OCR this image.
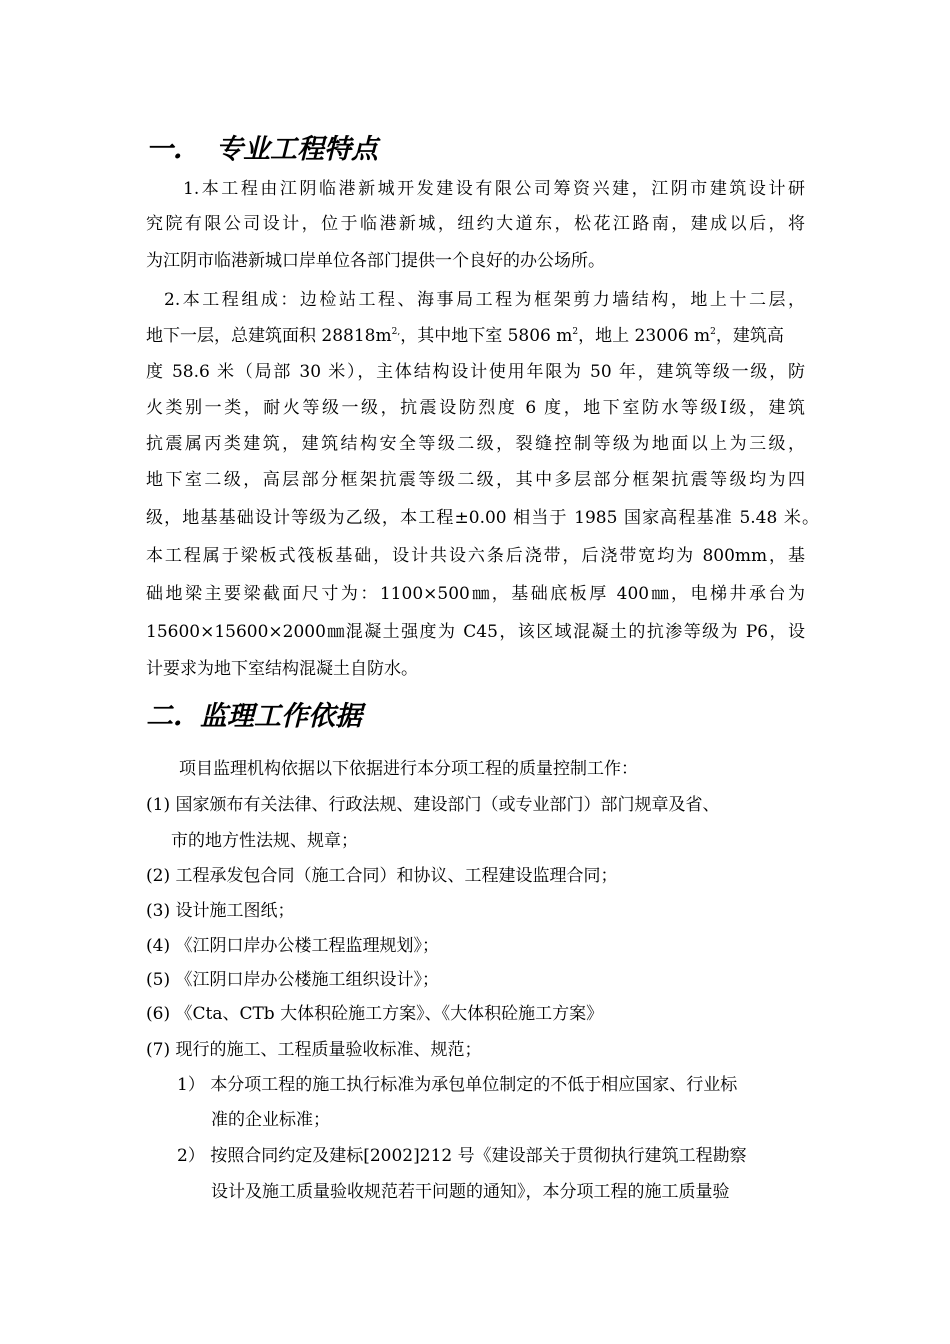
一. 专业工程特点

1.本工程由江阴临港新城开发建设有限公司筹资兴建，江阴市建筑设计研

究院有限公司设计，位于临港新城，纽约大道东，松花江路南，建成以后，将

为江阴市临港新城口岸单位各部门提供一个良好的办公场所。

2.本工程组成：边检站工程、海事局工程为框架剪力墙结构，地上十二层，

地下一层，总建筑面积 $28818m^{2,}$，其中地下室 5806 $m^2$，地上 23006 $m^2$，建筑高

度 58.6 米（局部 30 米），主体结构设计使用年限为 50 年，建筑等级一级，防

火类别一类，耐火等级一级，抗震设防烈度 6 度，地下室防水等级Ⅰ级，建筑

抗震属丙类建筑，建筑结构安全等级二级，裂缝控制等级为地面以上为三级，

地下室二级，高层部分框架抗震等级二级，其中多层部分框架抗震等级均为四

级，地基基础设计等级为乙级，本工程±0.00 相当于 1985 国家高程基准 5.48 米。

本工程属于梁板式筏板基础，设计共设六条后浇带，后浇带宽均为 800mm，基

础地梁主要梁截面尺寸为：1100×500㎜，基础底板厚 400㎜，电梯井承台为

15600×15600×2000㎜混凝土强度为 C45，该区域混凝土的抗渗等级为 P6，设

计要求为地下室结构混凝土自防水。

二. 监理工作依据

项目监理机构依据以下依据进行本分项工程的质量控制工作：

(1) 国家颁布有关法律、行政法规、建设部门（或专业部门）部门规章及省、

市的地方性法规、规章；

(2) 工程承发包合同（施工合同）和协议、工程建设监理合同；

(3) 设计施工图纸；

(4) 《江阴口岸办公楼工程监理规划》；

(5) 《江阴口岸办公楼施工组织设计》；

(6) 《Cta、CTb 大体积砼施工方案》、《大体积砼施工方案》

(7) 现行的施工、工程质量验收标准、规范；

1） 本分项工程的施工执行标准为承包单位制定的不低于相应国家、行业标

准的企业标准；

2） 按照合同约定及建标[2002]212 号《建设部关于贯彻执行建筑工程勘察

设计及施工质量验收规范若干问题的通知》，本分项工程的施工质量验
